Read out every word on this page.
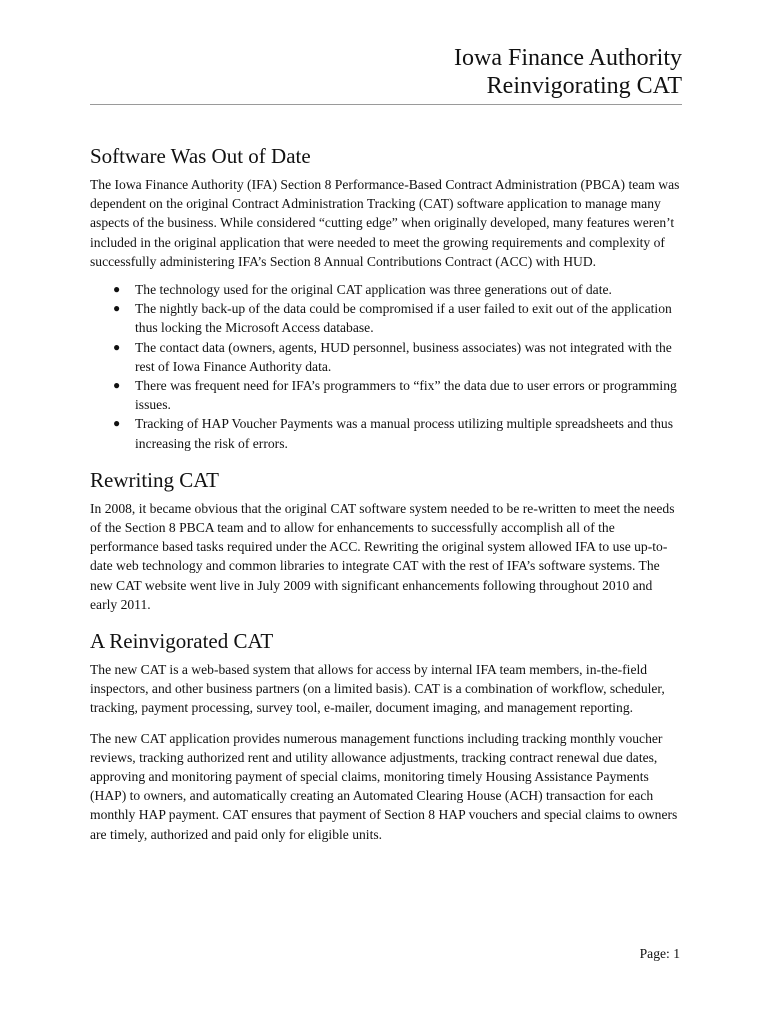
Iowa Finance Authority
Reinvigorating CAT
Software Was Out of Date

The Iowa Finance Authority (IFA) Section 8 Performance-Based Contract Administration (PBCA) team was dependent on the original Contract Administration Tracking (CAT) software application to manage many aspects of the business. While considered “cutting edge” when originally developed, many features weren’t included in the original application that were needed to meet the growing requirements and complexity of successfully administering IFA’s Section 8 Annual Contributions Contract (ACC) with HUD.

● The technology used for the original CAT application was three generations out of date.
● The nightly back-up of the data could be compromised if a user failed to exit out of the application thus locking the Microsoft Access database.
● The contact data (owners, agents, HUD personnel, business associates) was not integrated with the rest of Iowa Finance Authority data.
● There was frequent need for IFA’s programmers to “fix” the data due to user errors or programming issues.
● Tracking of HAP Voucher Payments was a manual process utilizing multiple spreadsheets and thus increasing the risk of errors.
Rewriting CAT

In 2008, it became obvious that the original CAT software system needed to be re-written to meet the needs of the Section 8 PBCA team and to allow for enhancements to successfully accomplish all of the performance based tasks required under the ACC. Rewriting the original system allowed IFA to use up-to-date web technology and common libraries to integrate CAT with the rest of IFA’s software systems. The new CAT website went live in July 2009 with significant enhancements following throughout 2010 and early 2011.

A Reinvigorated CAT

The new CAT is a web-based system that allows for access by internal IFA team members, in-the-field inspectors, and other business partners (on a limited basis). CAT is a combination of workflow, scheduler, tracking, payment processing, survey tool, e-mailer, document imaging, and management reporting.

The new CAT application provides numerous management functions including tracking monthly voucher reviews, tracking authorized rent and utility allowance adjustments, tracking contract renewal due dates, approving and monitoring payment of special claims, monitoring timely Housing Assistance Payments (HAP) to owners, and automatically creating an Automated Clearing House (ACH) transaction for each monthly HAP payment. CAT ensures that payment of Section 8 HAP vouchers and special claims to owners are timely, authorized and paid only for eligible units.

Page: 1
